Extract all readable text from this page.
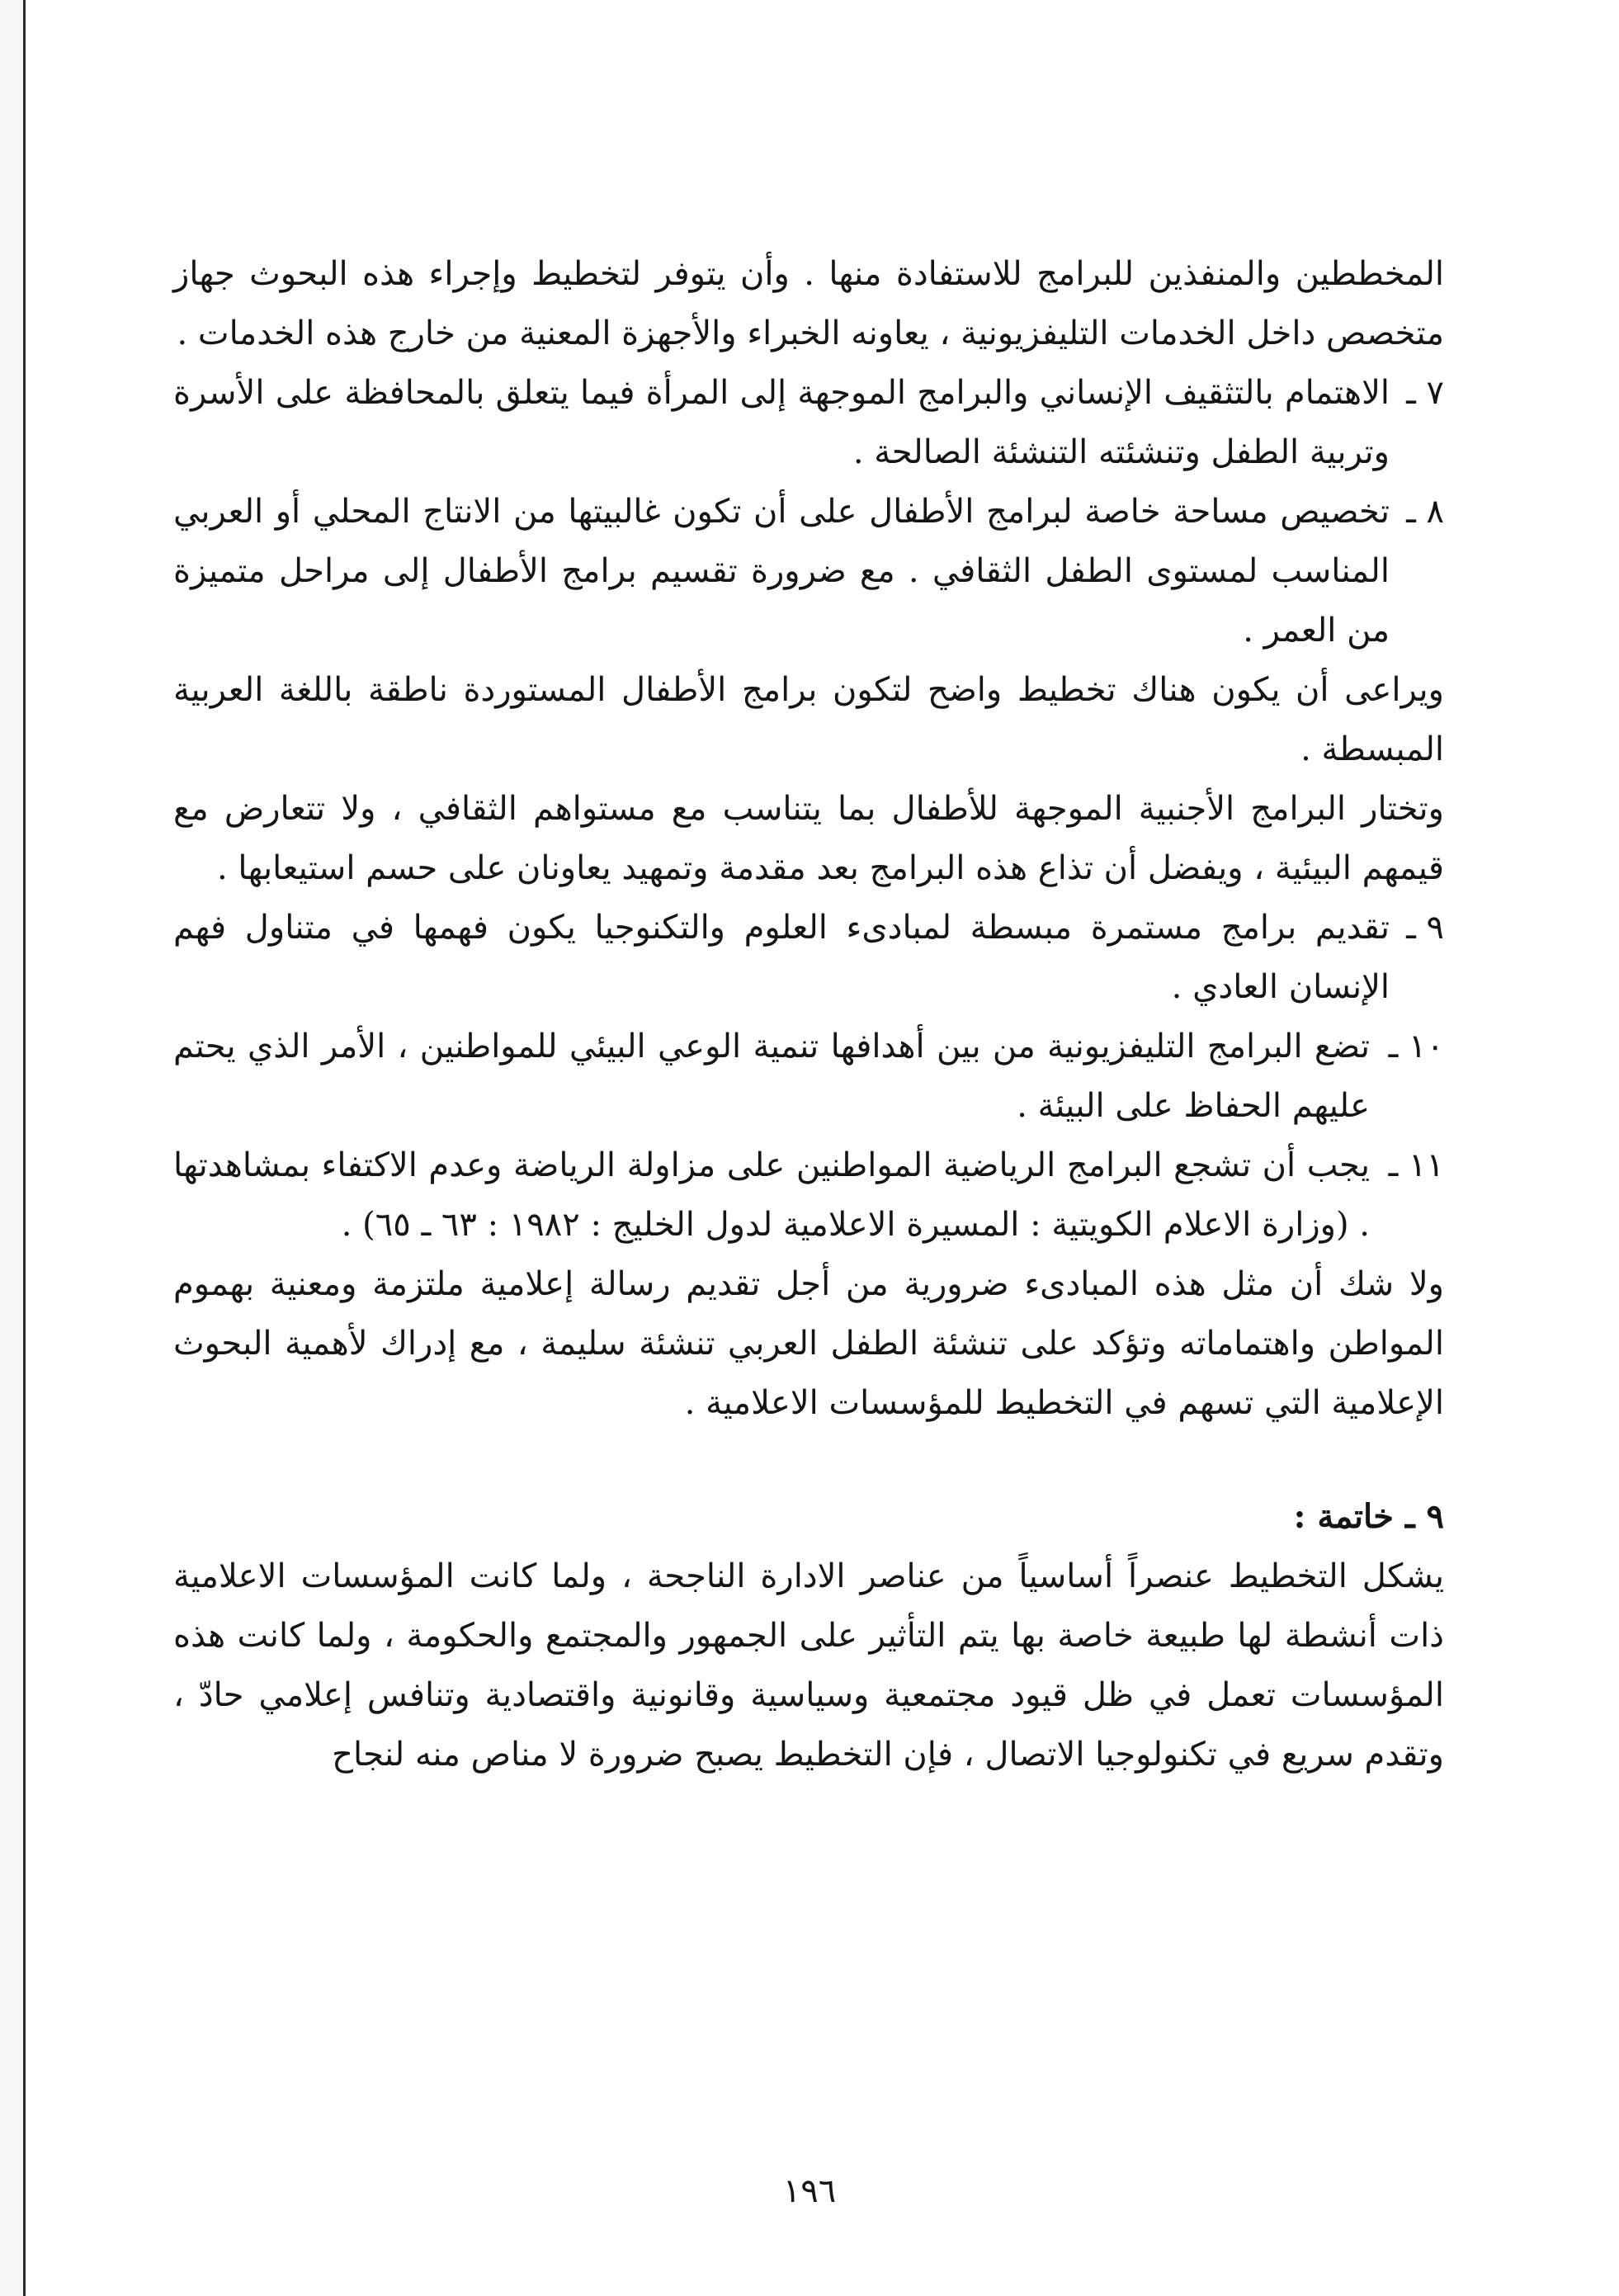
المخططين والمنفذين للبرامج للاستفادة منها . وأن يتوفر لتخطيط وإجراء هذه البحوث جهاز متخصص داخل الخدمات التليفزيونية ، يعاونه الخبراء والأجهزة المعنية من خارج هذه الخدمات .

٧ ـ
الاهتمام بالتثقيف الإنساني والبرامج الموجهة إلى المرأة فيما يتعلق بالمحافظة على الأسرة وتربية الطفل وتنشئته التنشئة الصالحة .
٨ ـ
تخصيص مساحة خاصة لبرامج الأطفال على أن تكون غالبيتها من الانتاج المحلي أو العربي المناسب لمستوى الطفل الثقافي . مع ضرورة تقسيم برامج الأطفال إلى مراحل متميزة من العمر .

ويراعى أن يكون هناك تخطيط واضح لتكون برامج الأطفال المستوردة ناطقة باللغة العربية المبسطة .

وتختار البرامج الأجنبية الموجهة للأطفال بما يتناسب مع مستواهم الثقافي ، ولا تتعارض مع قيمهم البيئية ، ويفضل أن تذاع هذه البرامج بعد مقدمة وتمهيد يعاونان على حسم استيعابها .

٩ ـ
تقديم برامج مستمرة مبسطة لمبادىء العلوم والتكنوجيا يكون فهمها في متناول فهم الإنسان العادي .
١٠ ـ
تضع البرامج التليفزيونية من بين أهدافها تنمية الوعي البيئي للمواطنين ، الأمر الذي يحتم عليهم الحفاظ على البيئة .
١١ ـ
يجب أن تشجع البرامج الرياضية المواطنين على مزاولة الرياضة وعدم الاكتفاء بمشاهدتها . (وزارة الاعلام الكويتية : المسيرة الاعلامية لدول الخليج : ١٩٨٢ : ٦٣ ـ ٦٥) .

ولا شك أن مثل هذه المبادىء ضرورية من أجل تقديم رسالة إعلامية ملتزمة ومعنية بهموم المواطن واهتماماته وتؤكد على تنشئة الطفل العربي تنشئة سليمة ، مع إدراك لأهمية البحوث الإعلامية التي تسهم في التخطيط للمؤسسات الاعلامية .

٩ ـ خاتمة :

يشكل التخطيط عنصراً أساسياً من عناصر الادارة الناجحة ، ولما كانت المؤسسات الاعلامية ذات أنشطة لها طبيعة خاصة بها يتم التأثير على الجمهور والمجتمع والحكومة ، ولما كانت هذه المؤسسات تعمل في ظل قيود مجتمعية وسياسية وقانونية واقتصادية وتنافس إعلامي حادّ ، وتقدم سريع في تكنولوجيا الاتصال ، فإن التخطيط يصبح ضرورة لا مناص منه لنجاح

١٩٦
